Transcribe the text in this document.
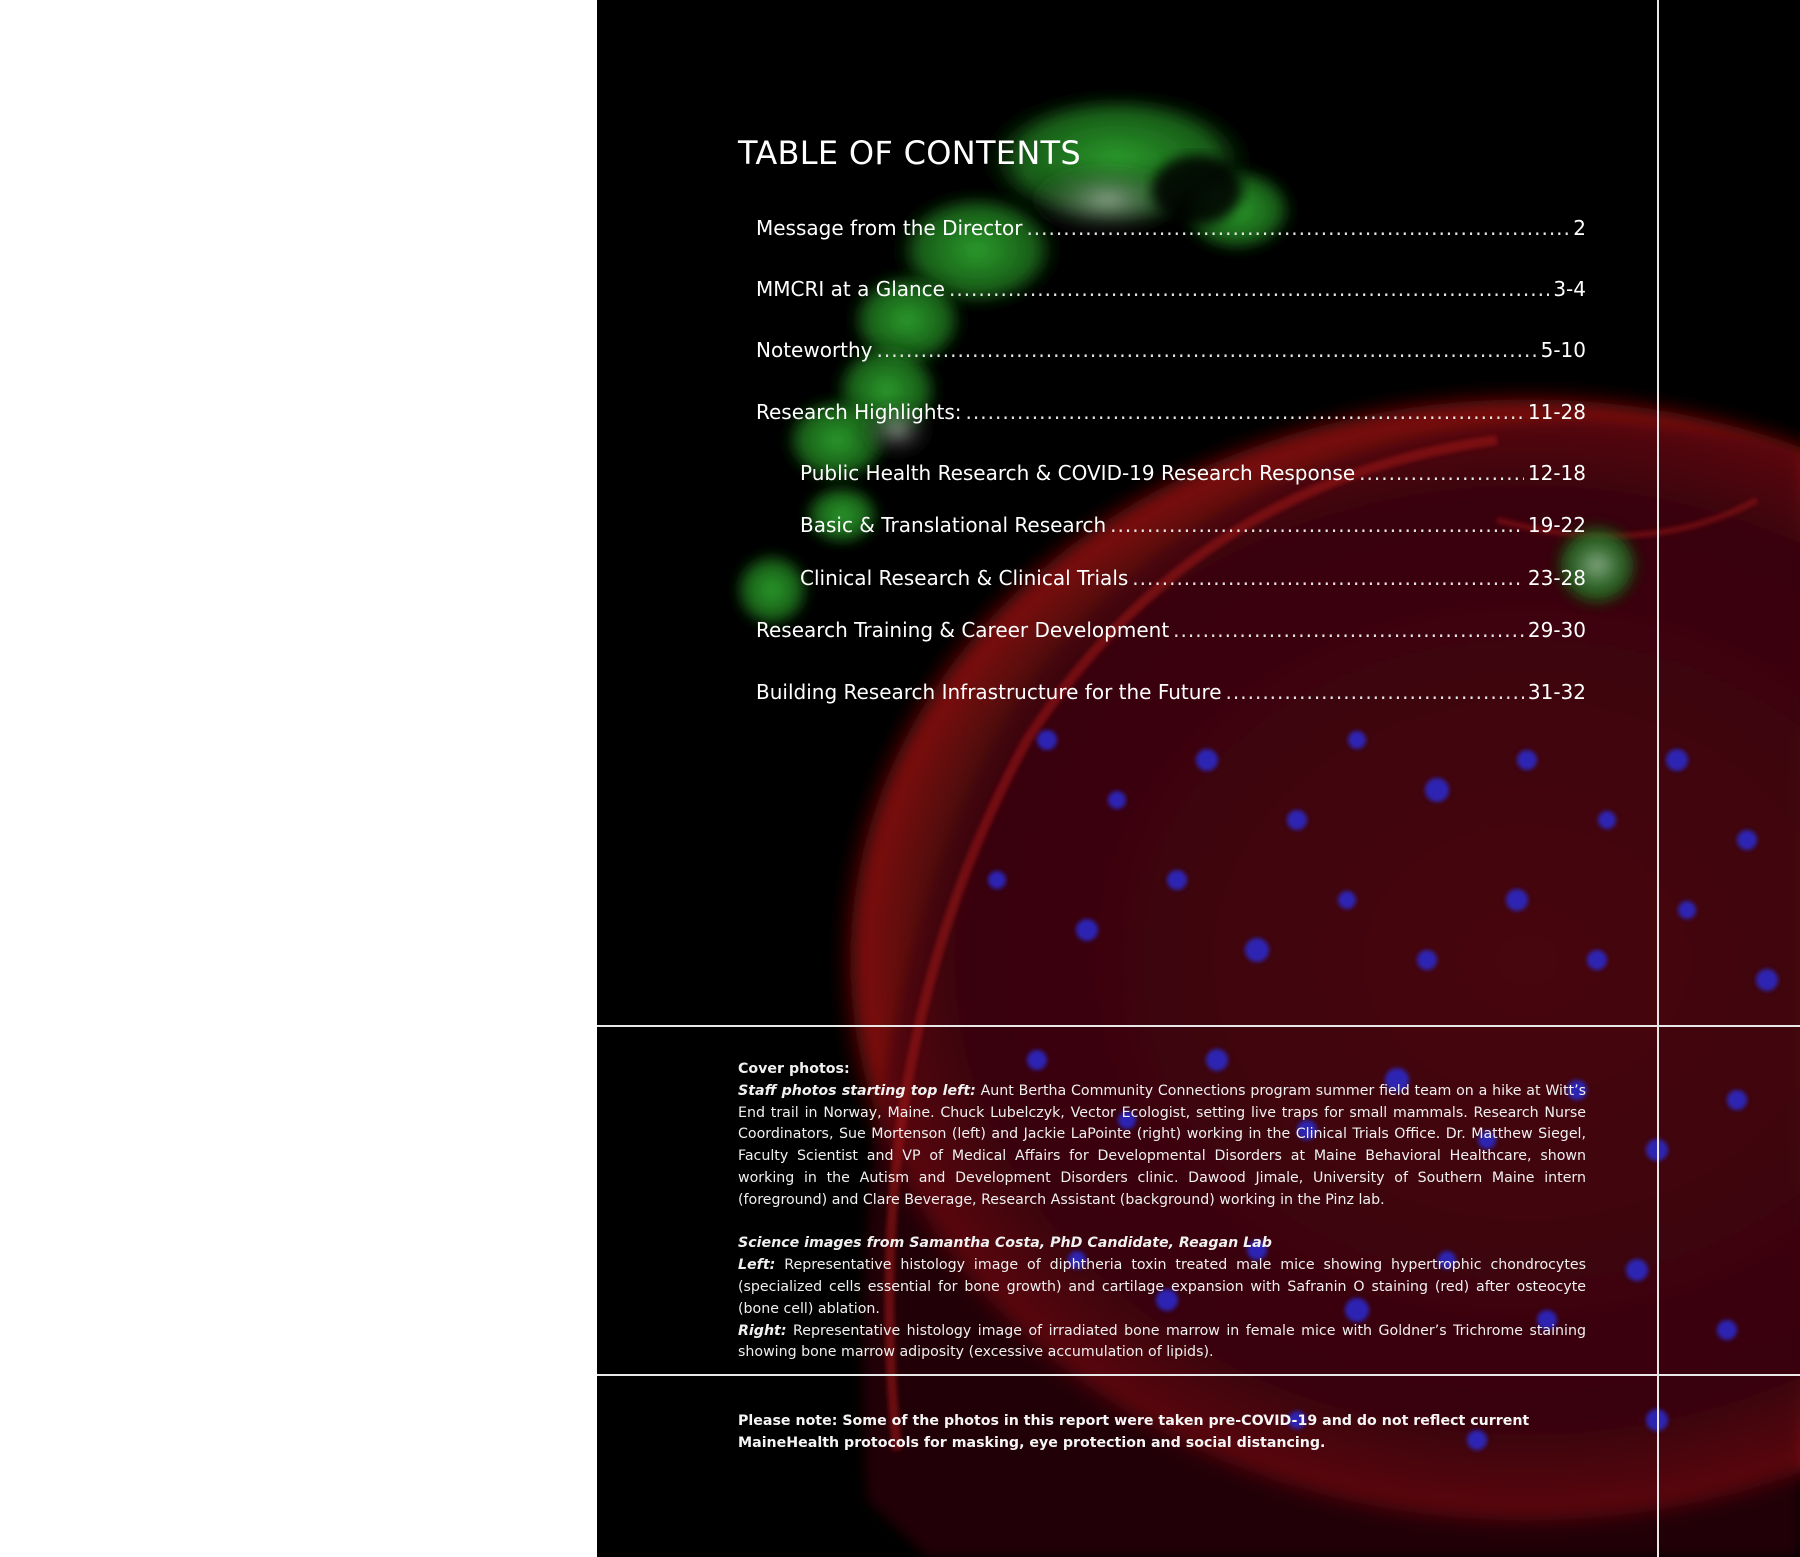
TABLE OF CONTENTS
Message from the Director .....	2
MMCRI at a Glance .....	3-4
Noteworthy .....	5-10
Research Highlights: .....	11-28
Public Health Research & COVID-19 Research Response .....	12-18
Basic & Translational Research .....	19-22
Clinical Research & Clinical Trials .....	23-28
Research Training & Career Development .....	29-30
Building Research Infrastructure for the Future .....	31-32
Cover photos:
Staff photos starting top left: Aunt Bertha Community Connections program summer field team on a hike at Witt’s End trail in Norway, Maine. Chuck Lubelczyk, Vector Ecologist, setting live traps for small mammals. Research Nurse Coordinators, Sue Mortenson (left) and Jackie LaPointe (right) working in the Clinical Trials Office. Dr. Matthew Siegel, Faculty Scientist and VP of Medical Affairs for Developmental Disorders at Maine Behavioral Healthcare, shown working in the Autism and Development Disorders clinic. Dawood Jimale, University of Southern Maine intern (foreground) and Clare Beverage, Research Assistant (background) working in the Pinz lab.
Science images from Samantha Costa, PhD Candidate, Reagan Lab
Left: Representative histology image of diphtheria toxin treated male mice showing hypertrophic chondrocytes (specialized cells essential for bone growth) and cartilage expansion with Safranin O staining (red) after osteocyte (bone cell) ablation.
Right: Representative histology image of irradiated bone marrow in female mice with Goldner’s Trichrome staining showing bone marrow adiposity (excessive accumulation of lipids).
Please note: Some of the photos in this report were taken pre-COVID-19 and do not reflect current MaineHealth protocols for masking, eye protection and social distancing.
